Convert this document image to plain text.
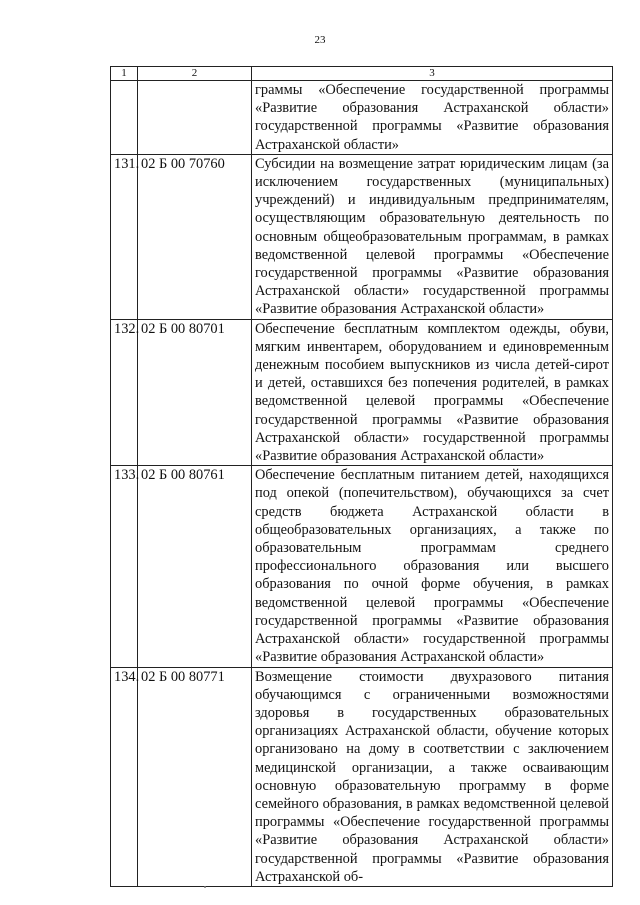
23
1	2	3
		граммы «Обеспечение государственной программы «Развитие образования Астраханской области» государственной программы «Развитие образования Астраханской области»
131.	02 Б 00 70760	Субсидии на возмещение затрат юридическим лицам (за исключением государственных (муниципальных) учреждений) и индивидуальным предпринимателям, осуществляющим образовательную деятельность по основным общеобразовательным программам, в рамках ведомственной целевой программы «Обеспечение государственной программы «Развитие образования Астраханской области» государственной программы «Развитие образования Астраханской области»
132.	02 Б 00 80701	Обеспечение бесплатным комплектом одежды, обуви, мягким инвентарем, оборудованием и единовременным денежным пособием выпускников из числа детей-сирот и детей, оставшихся без попечения родителей, в рамках ведомственной целевой программы «Обеспечение государственной программы «Развитие образования Астраханской области» государственной программы «Развитие образования Астраханской области»
133.	02 Б 00 80761	Обеспечение бесплатным питанием детей, находящихся под опекой (попечительством), обучающихся за счет средств бюджета Астраханской области в общеобразовательных организациях, а также по образовательным программам среднего профессионального образования или высшего образования по очной форме обучения, в рамках ведомственной целевой программы «Обеспечение государственной программы «Развитие образования Астраханской области» государственной программы «Развитие образования Астраханской области»
134.	02 Б 00 80771	Возмещение стоимости двухразового питания обучающимся с ограниченными возможностями здоровья в государственных образовательных организациях Астраханской области, обучение которых организовано на дому в соответствии с заключением медицинской организации, а также осваивающим основную образовательную программу в форме семейного образования, в рамках ведомственной целевой программы «Обеспечение государственной программы «Развитие образования Астраханской области» государственной программы «Развитие образования Астраханской об-
